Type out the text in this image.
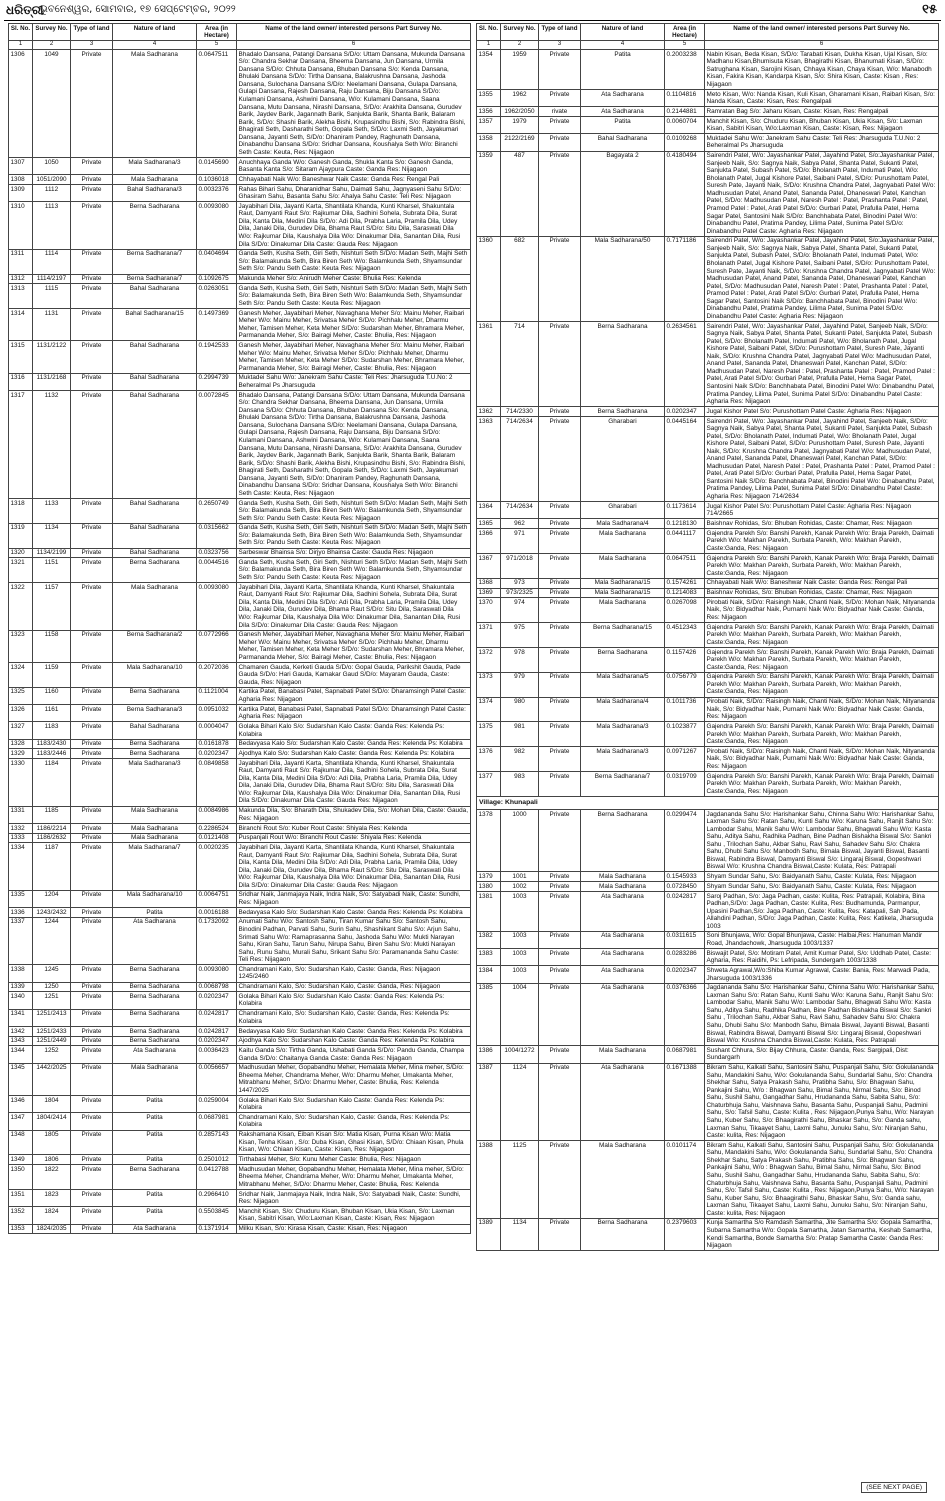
ଧରିତ୍ରୀ
ଭୁବନେଶ୍ୱର, ସୋମବାର, ୧୭ ସେପ୍ଟେମ୍ବର, ୨୦୨୨	୧୫
Sl. No.	Survey No.	Type of land	Nature of land	Area (in Hectare)	Name of the land owner/ interested persons Part Survey No.
1	2	3	4	5	6
1306	1049	Private	Mala Sadharana	0.0647511	Bhadalo Dansana, Patangi Dansana S/D/o: Uttam Dansana, Mukunda Dansana S/o: Chandra Sekhar Dansana, Bheema Dansana, Jun Dansana, Urmila Dansana S/D/o: Chhuta Dansana, Bhuban Dansana S/o: Kenda Dansana, Bhulaki Dansana S/D/o: Tirtha Dansana, Balakrushna Dansana, Jashoda Dansana, Sulochana Dansana S/D/o: Neelamani Dansana, Gulapa Dansana, Gulapi Dansana, Rajesh Dansana, Raju Dansana, Biju Dansana S/D/o: Kulamani Dansana, Ashwini Dansana, W/o: Kulamani Dansana, Saana Dansana, Mutu Dansana, Nirashi Dansana, S/D/o: Arakhita Dansana, Gurudev Barik, Jaydev Barik, Jagannath Barik, Sanjukta Barik, Shanta Barik, Balaram Barik, S/D/o: Shashi Barik, Alekha Bishi, Krupasindhu Bishi, S/o: Rabindra Bishi, Bhagirati Seth, Dasharathi Seth, Gopala Seth, S/D/o: Laxmi Seth, Jayakumari Dansana, Jayanti Seth, S/D/o: Dhaniram Pandey, Raghunath Dansana, Dinabandhu Dansana S/D/o: Sridhar Dansana, Koushalya Seth W/o: Biranchi Seth Caste: Keuta, Res: Nijagaon
1307	1050	Private	Mala Sadharana/3	0.0145690	Anuchhaya Ganda W/o: Ganesh Ganda, Shukla Kanta S/o: Ganesh Ganda, Basanta Kanta S/o: Sitaram Ajaypura Caste: Ganda Res: Nijagaon
1308	1051/2090	Private	Mala Sadharana	0.1036018	Chhayabati Naik W/o: Baneshwar Naik Caste: Ganda Res: Rengal Pali
1309	1112	Private	Bahal Sadharana/3	0.0032376	Rahas Bihari Sahu, Dharanidhar Sahu, Daimati Sahu, Jagnyaseni Sahu S/D/o: Ghasiram Sahu, Basanta Sahu S/o: Ahalya Sahu Caste: Teli Res: Nijagaon
1310	1113	Private	Berna Sadharana	0.0093080	Jayabihari Dila, Jayanti Karta, Shantilata Khanda, Kunti Kharsel, Shakuntala Raut, Damyanti Raut S/o: Rajkumar Dila, Sadhini Sohela, Subrata Dila, Surat Dila, Kanta Dila, Medini Dila S/D/o: Adi Dila, Prabha Laria, Pramila Dila, Udey Dila, Janaki Dila, Gurudev Dila, Bhama Raut S/D/o: Situ Dila, Saraswati Dila W/o: Rajkumar Dila, Kaushalya Dila W/o: Dinakumar Dila, Sanantan Dila, Rusi Dila S/D/o: Dinakumar Dila Caste: Gauda Res: Nijagaon
1311	1114	Private	Berna Sadharana/7	0.0404694	Ganda Seth, Kusha Seth, Giri Seth, Nishturi Seth S/D/o: Madan Seth, Majhi Seth S/o: Balamakunda Seth, Bira Biren Seth W/o: Balamkunda Seth, Shyamsundar Seth S/o: Pandu Seth Caste: Keuta Res: Nijagaon
1312	1114/2197	Private	Berna Sadharana/7	0.1092675	Makunda Meher S/o: Anirudh Meher Caste: Bhulia Res: Kelenda
1313	1115	Private	Bahal Sadharana	0.0263051	Ganda Seth, Kusha Seth, Giri Seth, Nishturi Seth S/D/o: Madan Seth, Majhi Seth S/o: Balamakunda Seth, Bira Biren Seth W/o: Balamkunda Seth, Shyamsundar Seth S/o: Pandu Seth Caste: Keuta Res: Nijagaon
1314	1131	Private	Bahal Sadharana/15	0.1497369	Ganesh Meher, Jayabihari Meher, Navaghana Meher S/o: Mainu Meher, Raibari Meher W/o: Mainu Meher, Srivatsa Meher S/D/o: Pichhalu Meher, Dharmu Meher, Tamisen Meher, Keta Meher S/D/o: Sudarshan Meher, Bhramara Meher, Parmananda Meher, S/o: Bairagi Meher, Caste: Bhulia, Res: Nijagaon
1315	1131/2122	Private	Bahal Sadharana	0.1942533	Ganesh Meher, Jayabihari Meher, Navaghana Meher S/o: Mainu Meher, Raibari Meher W/o: Mainu Meher, Srivatsa Meher S/D/o: Pichhalu Meher, Dharmu Meher, Tamisen Meher, Keta Meher S/D/o: Sudarshan Meher, Bhramara Meher, Parmananda Meher, S/o: Bairagi Meher, Caste: Bhulia, Res: Nijagaon
1316	1131/2168	Private	Bahal Sadharana	0.2994739	Muktadei Sahu W/o: Janekram Sahu Caste: Teli Res: Jharsuguda T.U.No: 2 Beheralmal Ps Jharsuguda
1317	1132	Private	Bahal Sadharana	0.0072845	Bhadalo Dansana, Patangi Dansana S/D/o: Uttam Dansana, Mukunda Dansana S/o: Chandra Sekhar Dansana, Bheema Dansana, Jun Dansana, Urmila Dansana S/D/o: Chhuta Dansana, Bhuban Dansana S/o: Kenda Dansana, Bhulaki Dansana S/D/o: Tirtha Dansana, Balakrushna Dansana, Jashoda Dansana, Sulochana Dansana S/D/o: Neelamani Dansana, Gulapa Dansana, Gulapi Dansana, Rajesh Dansana, Raju Dansana, Biju Dansana S/D/o: Kulamani Dansana, Ashwini Dansana, W/o: Kulamani Dansana, Saana Dansana, Mutu Dansana, Nirashi Dansana, S/D/o: Arakhita Dansana, Gurudev Barik, Jaydev Barik, Jagannath Barik, Sanjukta Barik, Shanta Barik, Balaram Barik, S/D/o: Shashi Barik, Alekha Bishi, Krupasindhu Bishi, S/o: Rabindra Bishi, Bhagirati Seth, Dasharathi Seth, Gopala Seth, S/D/o: Laxmi Seth, Jayakumari Dansana, Jayanti Seth, S/D/o: Dhaniram Pandey, Raghunath Dansana, Dinabandhu Dansana S/D/o: Sridhar Dansana, Koushalya Seth W/o: Biranchi Seth Caste: Keuta, Res: Nijagaon
1318	1133	Private	Bahal Sadharana	0.2650749	Ganda Seth, Kusha Seth, Giri Seth, Nishturi Seth S/D/o: Madan Seth, Majhi Seth S/o: Balamakunda Seth, Bira Biren Seth W/o: Balamkunda Seth, Shyamsundar Seth S/o: Pandu Seth Caste: Keuta Res: Nijagaon
1319	1134	Private	Bahal Sadharana	0.0315662	Ganda Seth, Kusha Seth, Giri Seth, Nishturi Seth S/D/o: Madan Seth, Majhi Seth S/o: Balamakunda Seth, Bira Biren Seth W/o: Balamkunda Seth, Shyamsundar Seth S/o: Pandu Seth Caste: Keuta Res: Nijagaon
1320	1134/2199	Private	Bahal Sadharana	0.0323756	Sarbeswar Bhainsa S/o: Dirjyo Bhainsa Caste: Gauda Res: Nijagaon
1321	1151	Private	Berna Sadharana	0.0044516	Ganda Seth, Kusha Seth, Giri Seth, Nishturi Seth S/D/o: Madan Seth, Majhi Seth S/o: Balamakunda Seth, Bira Biren Seth W/o: Balamkunda Seth, Shyamsundar Seth S/o: Pandu Seth Caste: Keuta Res: Nijagaon
1322	1157	Private	Mala Sadharana	0.0093080	Jayabihari Dila, Jayanti Karta, Shantilata Khanda, Kunti Kharsel, Shakuntala Raut, Damyanti Raut S/o: Rajkumar Dila, Sadhini Sohela, Subrata Dila, Surat Dila, Kanta Dila, Medini Dila S/D/o: Adi Dila, Prabha Laria, Pramila Dila, Udey Dila, Janaki Dila, Gurudev Dila, Bhama Raut S/D/o: Situ Dila, Saraswati Dila W/o: Rajkumar Dila, Kaushalya Dila W/o: Dinakumar Dila, Sanantan Dila, Rusi Dila S/D/o: Dinakumar Dila Caste: Gauda Res: Nijagaon
1323	1158	Private	Berna Sadharana/2	0.0772966	Ganesh Meher, Jayabihari Meher, Navaghana Meher S/o: Mainu Meher, Raibari Meher W/o: Mainu Meher, Srivatsa Meher S/D/o: Pichhalu Meher, Dharmu Meher, Tamisen Meher, Keta Meher S/D/o: Sudarshan Meher, Bhramara Meher, Parmananda Meher, S/o: Bairagi Meher, Caste: Bhulia, Res: Nijagaon
1324	1159	Private	Mala Sadharana/10	0.2072036	Chamaren Gauda, Kerketi Gauda S/D/o: Gopal Gauda, Parikshit Gauda, Pade Gauda S/D/o: Hari Gauda, Kamakar Gaud S/D/o: Mayaram Gauda, Caste: Gauda, Res: Nijagaon
1325	1160	Private	Berna Sadharana	0.1121004	Kartika Patel, Banabasi Patel, Sapnabati Patel S/D/o: Dharamsingh Patel Caste: Agharia Res: Nijagaon
1326	1161	Private	Berna Sadharana/3	0.0951032	Kartika Patel, Banabasi Patel, Sapnabati Patel S/D/o: Dharamsingh Patel Caste: Agharia Res: Nijagaon
1327	1183	Private	Bahal Sadharana	0.0004047	Golaka Bihari Kalo S/o: Sudarshan Kalo Caste: Ganda Res: Kelenda Ps: Kolabira
1328	1183/2430	Private	Berna Sadharana	0.0161878	Bedavyasa Kalo S/o: Sudarshan Kalo Caste: Ganda Res: Kelenda Ps: Kolabira
1329	1183/2446	Private	Berna Sadharana	0.0202347	Ajodhya Kalo S/o: Sudarshan Kalo Caste: Ganda Res: Kelenda Ps: Kolabira
1330	1184	Private	Mala Sadharana/3	0.0849858	Jayabihari Dila, Jayanti Karta, Shantilata Khanda, Kunti Kharsel, Shakuntala Raut, Damyanti Raut S/o: Rajkumar Dila, Sadhini Sohela, Subrata Dila, Surat Dila, Kanta Dila, Medini Dila S/D/o: Adi Dila, Prabha Laria, Pramila Dila, Udey Dila, Janaki Dila, Gurudev Dila, Bhama Raut S/D/o: Situ Dila, Saraswati Dila W/o: Rajkumar Dila, Kaushalya Dila W/o: Dinakumar Dila, Sanantan Dila, Rusi Dila S/D/o: Dinakumar Dila Caste: Gauda Res: Nijagaon
1331	1185	Private	Mala Sadharana	0.0084986	Makunda Dila, S/o: Bharath Dila, Shukadev Dila, S/o: Mohan Dila, Caste: Gauda, Res: Nijagaon
1332	1186/2214	Private	Mala Sadharana	0.2286524	Biranchi Rout S/o: Kuber Rout Caste: Shiyala Res: Kelenda
1333	1186/2632	Private	Mala Sadharana	0.0121408	Puspanjali Rout W/o: Biranchi Rout Caste: Shiyala Res: Kelenda
1334	1187	Private	Mala Sadharana/7	0.0020235	Jayabihari Dila, Jayanti Karta, Shantilata Khanda, Kunti Kharsel, Shakuntala Raut, Damyanti Raut S/o: Rajkumar Dila, Sadhini Sohela, Subrata Dila, Surat Dila, Kanta Dila, Medini Dila S/D/o: Adi Dila, Prabha Laria, Pramila Dila, Udey Dila, Janaki Dila, Gurudev Dila, Bhama Raut S/D/o: Situ Dila, Saraswati Dila W/o: Rajkumar Dila, Kaushalya Dila W/o: Dinakumar Dila, Sanantan Dila, Rusi Dila S/D/o: Dinakumar Dila Caste: Gauda Res: Nijagaon
1335	1204	Private	Mala Sadharana/10	0.0064751	Sridhar Naik, Janmajaya Naik, Indra Naik, S/o: Satyabadi Naik, Caste: Sundhi, Res: Nijagaon
1336	1243/2432	Private	Patita	0.0016188	Bedavyasa Kalo S/o: Sudarshan Kalo Caste: Ganda Res: Kelenda Ps: Kolabira
1337	1244	Private	Ata Sadharana	0.1732092	Anumati Sahu W/o: Santosh Sahu, Tiran Kumar Sahu S/o: Santosh Sahu, Binodini Padhan, Parvati Sahu, Surin Sahu, Shashikant Sahu S/o: Arjun Sahu, Srimati Sahu W/o: Ramaprasanna Sahu, Jashoda Sahu W/o: Mukti Narayan Sahu, Kiran Sahu, Tarun Sahu, Nirupa Sahu, Biren Sahu S/o: Mukti Narayan Sahu, Runu Sahu, Murali Sahu, Srikant Sahu S/o: Paramananda Sahu Caste: Teli Res: Nijagaon
1338	1245	Private	Berna Sadharana	0.0093080	Chandramani Kalo, S/o: Sudarshan Kalo, Caste: Ganda, Res: Nijagaon 1245/2460
1339	1250	Private	Berna Sadharana	0.0068798	Chandramani Kalo, S/o: Sudarshan Kalo, Caste: Ganda, Res: Nijagaon
1340	1251	Private	Berna Sadharana	0.0202347	Golaka Bihari Kalo S/o: Sudarshan Kalo Caste: Ganda Res: Kelenda Ps: Kolabira
1341	1251/2413	Private	Berna Sadharana	0.0242817	Chandramani Kalo, S/o: Sudarshan Kalo, Caste: Ganda, Res: Kelenda Ps: Kolabira
1342	1251/2433	Private	Berna Sadharana	0.0242817	Bedavyasa Kalo S/o: Sudarshan Kalo Caste: Ganda Res: Kelenda Ps: Kolabira
1343	1251/2449	Private	Berna Sadharana	0.0202347	Ajodhya Kalo S/o: Sudarshan Kalo Caste: Ganda Res: Kelenda Ps: Kolabira
1344	1252	Private	Ata Sadharana	0.0036423	Kaitu Ganda S/o: Tirtha Ganda, Ushabati Ganda S/D/o: Pandu Ganda, Champa Ganda S/D/o: Chaitanya Ganda Caste: Ganda Res: Nijagaon
1345	1442/2025	Private	Mala Sadharana	0.0056657	Madhusudan Meher, Gopabandhu Meher, Hemalata Meher, Mina meher, S/D/o: Bheema Meher, Chandrama Meher, W/o: Dharmu Meher, Umakanta Meher, Mitrabhanu Meher, S/D/o: Dharmu Meher, Caste: Bhulia, Res: Kelenda 1447/2025
1346	1804	Private	Patita	0.0259004	Golaka Bihari Kalo S/o: Sudarshan Kalo Caste: Ganda Res: Kelenda Ps: Kolabira
1347	1804/2414	Private	Patita	0.0687981	Chandramani Kalo, S/o: Sudarshan Kalo, Caste: Ganda, Res: Kelenda Ps: Kolabira
1348	1805	Private	Patita	0.2857143	Rakshamana Kisan, Eiban Kisan S/o: Matia Kisan, Purna Kisan W/o: Matia Kisan, Tenha Kisan , S/o: Duba Kisan, Ghasi Kisan, S/D/o: Chiaan Kisan, Phula Kisan, W/o: Chiaan Kisan, Caste: Kisan, Res: Nijagaon
1349	1806	Private	Patita	0.2501012	Tirthabasi Meher, S/o: Kunu Meher Caste: Bhulia, Res: Nijagaon
1350	1822	Private	Berna Sadharana	0.0412788	Madhusudan Meher, Gopabandhu Meher, Hemalata Meher, Mina meher, S/D/o: Bheema Meher, Chandrama Meher, W/o: Dharmu Meher, Umakanta Meher, Mitrabhanu Meher, S/D/o: Dharmu Meher, Caste: Bhulia, Res: Kelenda
1351	1823	Private	Patita	0.2966410	Sridhar Naik, Janmajaya Naik, Indra Naik, S/o: Satyabadi Naik, Caste: Sundhi, Res: Nijagaon
1352	1824	Private	Patita	0.5503845	Manchit Kisan, S/o: Chuduru Kisan, Bhuban Kisan, Ukia Kisan, S/o: Laxman Kisan, Sabitri Kisan, W/o:Laxman Kisan, Caste: Kisan, Res: Nijagaon
1353	1824/2035	Private	Ata Sadharana	0.1371914	Milku Kisan, S/o: Kirasa Kisan, Caste: Kisan, Res: Nijagaon
Sl. No.	Survey No.	Type of land	Nature of land	Area (in Hectare)	Name of the land owner/ interested persons Part Survey No.
1	2	3	4	5	6
1354	1959	Private	Patita	0.2003238	Nabin Kisan, Beda Kisan, S/D/o: Tarabati Kisan, Dukha Kisan, Ujal Kisan, S/o: Madhanu Kisan,Bhumisuta Kisan, Bhagirathi Kisan, Bhanumati Kisan, S/D/o: Satrughana Kisan, Sarojini Kisan, Chhaya Kisan, Chaya Kisan, W/o: Manabodh Kisan, Fakira Kisan, Kandarpa Kisan, S/o: Shira Kisan, Caste: Kisan , Res: Nijagaon
1355	1962	Private	Ata Sadharana	0.1104816	Meto Kisan, W/o: Nanda Kisan, Kuli Kisan, Gharamani Kisan, Raibari Kisan, S/o: Nanda Kisan, Caste: Kisan, Res: Rengalpali
1356	1962/2050	rivate	Ata Sadharana	0.2144881	Ramratan Bag S/o: Jaharu Kisan, Caste: Kisan, Res: Rengalpali
1357	1979	Private	Patita	0.0060704	Manchit Kisan, S/o: Chuduru Kisan, Bhuban Kisan, Ukia Kisan, S/o: Laxman Kisan, Sabitri Kisan, W/o:Laxman Kisan, Caste: Kisan, Res: Nijagaon
1358	2122/2169	Private	Bahal Sadharana	0.0109268	Muktadei Sahu W/o: Janekram Sahu Caste: Teli Res: Jharsuguda T.U.No: 2 Beheralmal Ps Jharsuguda
1359	487	Private	Bagayata 2	0.4180494	Sairendri Patel, W/o: Jayashankar Patel, Jayahind Patel, S/o:Jayashankar Patel, Sanjeeb Naik, S/o: Sagnya Naik, Sabya Patel, Shanta Patel, Sukanti Patel, Sanjukta Patel, Subash Patel, S/D/o: Bholanath Patel, Indumati Patel, W/o: Bholanath Patel, Jugal Kishore Patel, Saibani Patel, S/D/o: Purushottam Patel, Suresh Pate, Jayanti Naik, S/D/o: Krushna Chandra Patel, Jagnyabati Patel W/o: Madhusudan Patel, Anand Patel, Sananda Patel, Dhaneswari Patel, Kanchan Patel, S/D/o: Madhusudan Patel, Naresh Patel : Patel, Prashanta Patel : Patel, Pramod Patel : Patel, Arati Patel S/D/o: Gurbari Patel, Prafulla Patel, Hema Sagar Patel, Santosini Naik S/D/o: Banchhabata Patel, Binodini Patel W/o: Dinabandhu Patel, Pratima Pandey, Lilima Patel, Sunima Patel S/D/o: Dinabandhu Patel Caste: Agharia Res: Nijagaon
1360	682	Private	Mala Sadharana/50	0.7171186	Sairendri Patel, W/o: Jayashankar Patel, Jayahind Patel, S/o:Jayashankar Patel, Sanjeeb Naik, S/o: Sagnya Naik, Sabya Patel, Shanta Patel, Sukanti Patel, Sanjukta Patel, Subash Patel, S/D/o: Bholanath Patel, Indumati Patel, W/o: Bholanath Patel, Jugal Kishore Patel, Saibani Patel, S/D/o: Purushottam Patel, Suresh Pate, Jayanti Naik, S/D/o: Krushna Chandra Patel, Jagnyabati Patel W/o: Madhusudan Patel, Anand Patel, Sananda Patel, Dhaneswari Patel, Kanchan Patel, S/D/o: Madhusudan Patel, Naresh Patel : Patel, Prashanta Patel : Patel, Pramod Patel : Patel, Arati Patel S/D/o: Gurbari Patel, Prafulla Patel, Hema Sagar Patel, Santosini Naik S/D/o: Banchhabata Patel, Binodini Patel W/o: Dinabandhu Patel, Pratima Pandey, Lilima Patel, Sunima Patel S/D/o: Dinabandhu Patel Caste: Agharia Res: Nijagaon
1361	714	Private	Berna Sadharana	0.2634561	Sairendri Patel, W/o: Jayashankar Patel, Jayahind Patel, Sanjeeb Naik, S/D/o: Sagnya Naik, Sabya Patel, Shanta Patel, Sukanti Patel, Sanjukta Patel, Subash Patel, S/D/o: Bholanath Patel, Indumati Patel, W/o: Bholanath Patel, Jugal Kishore Patel, Saibani Patel, S/D/o: Purushottam Patel, Suresh Pate, Jayanti Naik, S/D/o: Krushna Chandra Patel, Jagnyabati Patel W/o: Madhusudan Patel, Anand Patel, Sananda Patel, Dhaneswari Patel, Kanchan Patel, S/D/o: Madhusudan Patel, Naresh Patel : Patel, Prashanta Patel : Patel, Pramod Patel : Patel, Arati Patel S/D/o: Gurbari Patel, Prafulla Patel, Hema Sagar Patel, Santosini Naik S/D/o: Banchhabata Patel, Binodini Patel W/o: Dinabandhu Patel, Pratima Pandey, Lilima Patel, Sunima Patel S/D/o: Dinabandhu Patel Caste: Agharia Res: Nijagaon
1362	714/2330	Private	Berna Sadharana	0.0202347	Jugal Kishor Patel S/o: Purushottam Patel Caste: Agharia Res: Nijagaon
1363	714/2634	Private	Gharabari	0.0445164	Sairendri Patel, W/o: Jayashankar Patel, Jayahind Patel, Sanjeeb Naik, S/D/o: Sagnya Naik, Sabya Patel, Shanta Patel, Sukanti Patel, Sanjukta Patel, Subash Patel, S/D/o: Bholanath Patel, Indumati Patel, W/o: Bholanath Patel, Jugal Kishore Patel, Saibani Patel, S/D/o: Purushottam Patel, Suresh Pate, Jayanti Naik, S/D/o: Krushna Chandra Patel, Jagnyabati Patel W/o: Madhusudan Patel, Anand Patel, Sananda Patel, Dhaneswari Patel, Kanchan Patel, S/D/o: Madhusudan Patel, Naresh Patel : Patel, Prashanta Patel : Patel, Pramod Patel : Patel, Arati Patel S/D/o: Gurbari Patel, Prafulla Patel, Hema Sagar Patel, Santosini Naik S/D/o: Banchhabata Patel, Binodini Patel W/o: Dinabandhu Patel, Pratima Pandey, Lilima Patel, Sunima Patel S/D/o: Dinabandhu Patel Caste: Agharia Res: Nijagaon 714/2634
1364	714/2634	Private	Gharabari	0.1173614	Jugal Kishor Patel S/o: Purushottam Patel Caste: Agharia Res: Nijagaon 714/2665
1365	962	Private	Mala Sadharana/4	0.1218130	Baishnav Rohidas, S/o: Bhuban Rohidas, Caste: Chamar, Res: Nijagaon
1366	971	Private	Mala Sadharana	0.0441117	Gajendra Parekh S/o: Banshi Parekh, Kanak Parekh W/o: Braja Parekh, Daimati Parekh W/o: Makhan Parekh, Surbata Parekh, W/o: Makhan Parekh, Caste:Ganda, Res: Nijagaon
1367	971/2018	Private	Mala Sadharana	0.0647511	Gajendra Parekh S/o: Banshi Parekh, Kanak Parekh W/o: Braja Parekh, Daimati Parekh W/o: Makhan Parekh, Surbata Parekh, W/o: Makhan Parekh, Caste:Ganda, Res: Nijagaon
1368	973	Private	Mala Sadharana/15	0.1574261	Chhayabati Naik W/o: Baneshwar Naik Caste: Ganda Res: Rengal Pali
1369	973/2325	Private	Mala Sadharana/15	0.1214083	Baishnav Rohidas, S/o: Bhuban Rohidas, Caste: Chamar, Res: Nijagaon
1370	974	Private	Mala Sadharana	0.0267098	Pirobati Naik, S/D/o: Raisingh Naik, Chanti Naik, S/D/o: Mohan Naik, Nityananda Naik, S/o: Bidyadhar Naik, Purnami Naik W/o: Bidyadhar Naik Caste: Ganda, Res: Nijagaon
1371	975	Private	Berna Sadharana/15	0.4512343	Gajendra Parekh S/o: Banshi Parekh, Kanak Parekh W/o: Braja Parekh, Daimati Parekh W/o: Makhan Parekh, Surbata Parekh, W/o: Makhan Parekh, Caste:Ganda, Res: Nijagaon
1372	978	Private	Berna Sadharana	0.1157426	Gajendra Parekh S/o: Banshi Parekh, Kanak Parekh W/o: Braja Parekh, Daimati Parekh W/o: Makhan Parekh, Surbata Parekh, W/o: Makhan Parekh, Caste:Ganda, Res: Nijagaon
1373	979	Private	Mala Sadharana/5	0.0756779	Gajendra Parekh S/o: Banshi Parekh, Kanak Parekh W/o: Braja Parekh, Daimati Parekh W/o: Makhan Parekh, Surbata Parekh, W/o: Makhan Parekh, Caste:Ganda, Res: Nijagaon
1374	980	Private	Mala Sadharana/4	0.1011736	Pirobati Naik, S/D/o: Raisingh Naik, Chanti Naik, S/D/o: Mohan Naik, Nityananda Naik, S/o: Bidyadhar Naik, Purnami Naik W/o: Bidyadhar Naik Caste: Ganda, Res: Nijagaon
1375	981	Private	Mala Sadharana/3	0.1023877	Gajendra Parekh S/o: Banshi Parekh, Kanak Parekh W/o: Braja Parekh, Daimati Parekh W/o: Makhan Parekh, Surbata Parekh, W/o: Makhan Parekh, Caste:Ganda, Res: Nijagaon
1376	982	Private	Mala Sadharana/3	0.0971267	Pirobati Naik, S/D/o: Raisingh Naik, Chanti Naik, S/D/o: Mohan Naik, Nityananda Naik, S/o: Bidyadhar Naik, Purnami Naik W/o: Bidyadhar Naik Caste: Ganda, Res: Nijagaon
1377	983	Private	Berna Sadharana/7	0.0319709	Gajendra Parekh S/o: Banshi Parekh, Kanak Parekh W/o: Braja Parekh, Daimati Parekh W/o: Makhan Parekh, Surbata Parekh, W/o: Makhan Parekh, Caste:Ganda, Res: Nijagaon
Village: Khunapali					
1378	1000	Private	Berna Sadharana	0.0299474	Jagdananda Sahu S/o: Harishankar Sahu, Chinna Sahu W/o: Harishankar Sahu, Laxman Sahu S/o: Ratan Sahu, Kunti Sahu W/o: Karuna Sahu, Ranjit Sahu S/o: Lambodar Sahu, Manik Sahu W/o: Lambodar Sahu, Bhagwati Sahu W/o: Kasta Sahu, Aditya Sahu, Radhika Padhan, Bine Padhan Bishakha Biswal S/o: Sankri Sahu , Trilochan Sahu, Akbar Sahu, Ravi Sahu, Sahadev Sahu S/o: Chakra Sahu, Dhubi Sahu S/o: Manbodh Sahu, Bimala Biswal, Jayanti Biswal, Basanti Biswal, Rabindra Biswal, Damyanti Biswal S/o: Lingaraj Biswal, Gopeshwari Biswal W/o: Krushna Chandra Biswal,Caste: Kulata, Res: Patrapali
1379	1001	Private	Mala Sadharana	0.1545933	Shyam Sundar Sahu, S/o: Baidyanath Sahu, Caste: Kulata, Res: Nijagaon
1380	1002	Private	Mala Sadharana	0.0728450	Shyam Sundar Sahu, S/o: Baidyanath Sahu, Caste: Kulata, Res: Nijagaon
1381	1003	Private	Ata Sadharana	0.0242817	Saroj Padhan, S/o: Jaga Padhan, caste: Kulita, Res: Patrapali, Kolabira, Bina Padhan,S/D/o: Jaga Padhan, Caste: Kulita, Res: Budhamunda, Parmanpur, Upasini Padhan,S/o: Jaga Padhan, Caste: Kulita, Res: Katapali, Sah Pada, Allahdini Padhan, S/D/o: Jaga Padhan, Caste: Kulita, Res: Katikela, Jharsuguda 1003
1382	1003	Private	Ata Sadharana	0.0311615	Soni Bhunjawa, W/o: Gopal Bhunjawa, Caste: Halbai,Res: Hanuman Mandir Road, Jhandachowk, Jharsuguda 1003/1337
1383	1003	Private	Ata Sadharana	0.0283286	Biswajit Patel, S/o: Motiram Patel, Amit Kumar Patel, S/o: Uddhab Patel, Caste: Agharia, Res: Raidihi, Ps: Lefripada, Sundergarh 1003/1338
1384	1003	Private	Ata Sadharana	0.0202347	Shweta Agrawal,W/o:Shiba Kumar Agrawal, Caste: Bania, Res: Marwadi Pada, Jharsuguda 1003/1336
1385	1004	Private	Ata Sadharana	0.0376366	Jagdananda Sahu S/o: Harishankar Sahu, Chinna Sahu W/o: Harishankar Sahu, Laxman Sahu S/o: Ratan Sahu, Kunti Sahu W/o: Karuna Sahu, Ranjit Sahu S/o: Lambodar Sahu, Manik Sahu W/o: Lambodar Sahu, Bhagwati Sahu W/o: Kasta Sahu, Aditya Sahu, Radhika Padhan, Bine Padhan Bishakha Biswal S/o: Sankri Sahu , Trilochan Sahu, Akbar Sahu, Ravi Sahu, Sahadev Sahu S/o: Chakra Sahu, Dhubi Sahu S/o: Manbodh Sahu, Bimala Biswal, Jayanti Biswal, Basanti Biswal, Rabindra Biswal, Damyanti Biswal S/o: Lingaraj Biswal, Gopeshwari Biswal W/o: Krushna Chandra Biswal,Caste: Kulata, Res: Patrapali
1386	1004/1272	Private	Mala Sadharana	0.0687981	Sushant Chhura, S/o: Bijay Chhura, Caste: Ganda, Res: Sargipali, Dist: Sundargarh
1387	1124	Private	Ata Sadharana	0.1671388	Bikram Sahu, Kalkati Sahu, Santosini Sahu, Puspanjali Sahu, S/o: Gokulananda Sahu, Mandakini Sahu, W/o: Gokulananda Sahu, Sundarlal Sahu, S/o: Chandra Shekhar Sahu, Satya Prakash Sahu, Pratibha Sahu, S/o: Bhagwan Sahu, Pankajini Sahu, W/o : Bhagwan Sahu, Bimal Sahu, Nirmal Sahu, S/o: Binod Sahu, Sushil Sahu, Gangadhar Sahu, Hrudananda Sahu, Sabita Sahu, S/o: Chaturbhuja Sahu, Vaishnava Sahu, Basanta Sahu, Puspanjali Sahu, Padmini Sahu, S/o: Tafsil Sahu, Caste: Kulita , Res: Nijagaon,Punya Sahu, W/o: Narayan Sahu, Kuber Sahu, S/o: Bhaagirathi Sahu, Bhaskar Sahu, S/o: Ganda sahu, Laxman Sahu, Tikaayet Sahu, Laxmi Sahu, Junuku Sahu, S/o: Niranjan Sahu, Caste: kulita, Res: Nijagaon
1388	1125	Private	Mala Sadharana	0.0101174	Bikram Sahu, Kalkati Sahu, Santosini Sahu, Puspanjali Sahu, S/o: Gokulananda Sahu, Mandakini Sahu, W/o: Gokulananda Sahu, Sundarlal Sahu, S/o: Chandra Shekhar Sahu, Satya Prakash Sahu, Pratibha Sahu, S/o: Bhagwan Sahu, Pankajini Sahu, W/o : Bhagwan Sahu, Bimal Sahu, Nirmal Sahu, S/o: Binod Sahu, Sushil Sahu, Gangadhar Sahu, Hrudananda Sahu, Sabita Sahu, S/o: Chaturbhuja Sahu, Vaishnava Sahu, Basanta Sahu, Puspanjali Sahu, Padmini Sahu, S/o: Tafsil Sahu, Caste: Kulita , Res: Nijagaon,Punya Sahu, W/o: Narayan Sahu, Kuber Sahu, S/o: Bhaagirathi Sahu, Bhaskar Sahu, S/o: Ganda sahu, Laxman Sahu, Tikaayet Sahu, Laxmi Sahu, Junuku Sahu, S/o: Niranjan Sahu, Caste: kulita, Res: Nijagaon
1389	1134	Private	Berna Sadharana	0.2379603	Kunja Samartha S/o Ramdash Samartha, Jite Samartha S/o: Gopala Samartha, Subarna Samartha W/o: Gopala Samartha, Jatan Samartha, Keshab Samartha, Kendi Samartha, Bonde Samartha S/o: Pratap Samartha Caste: Ganda Res: Nijagaon
(SEE NEXT PAGE)
